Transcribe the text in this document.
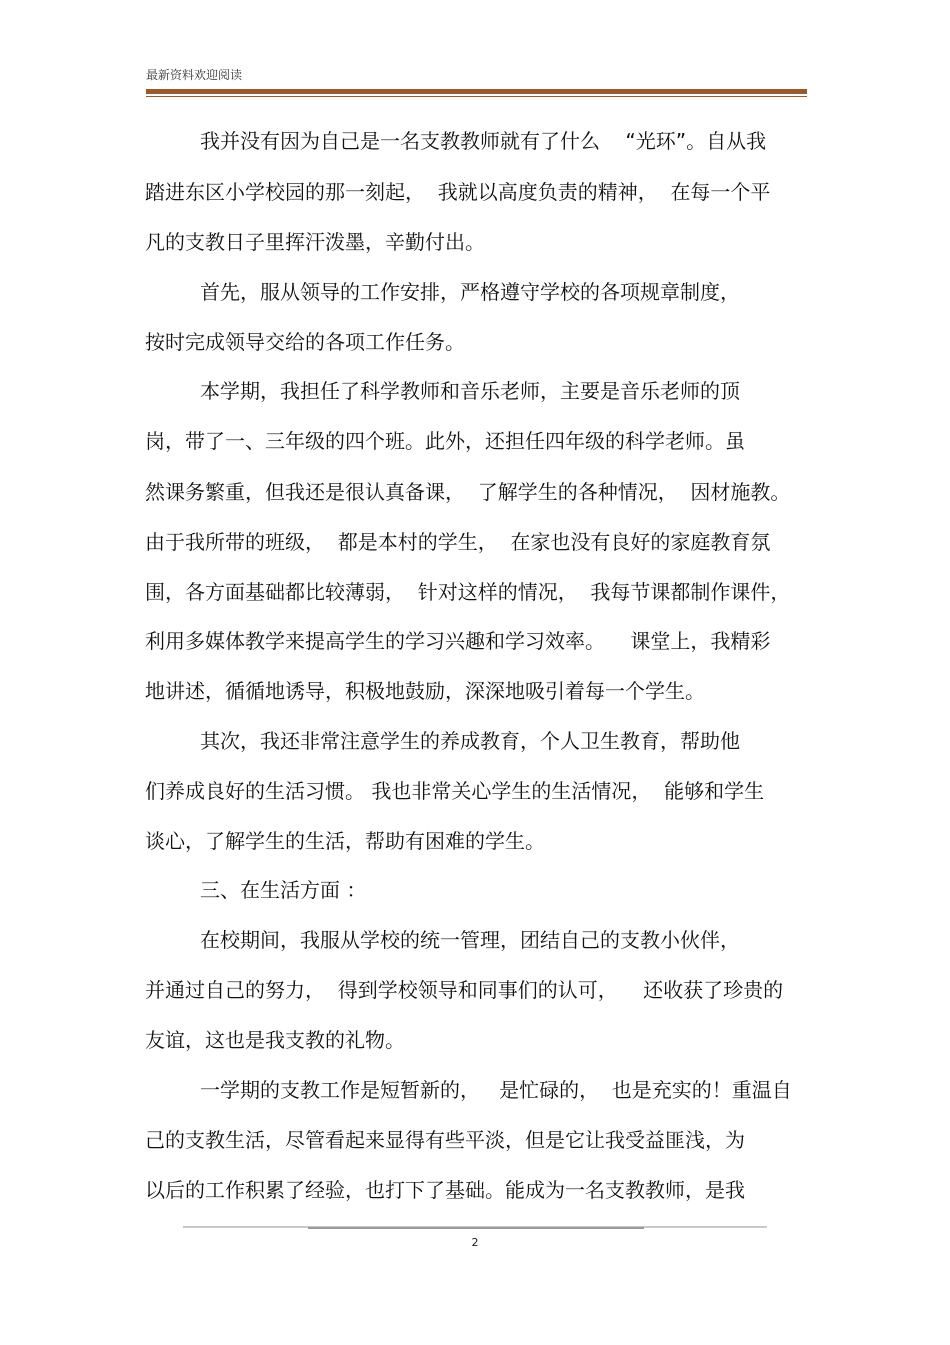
最新资料欢迎阅读
我并没有因为自己是一名支教教师就有了什么    “光环”。自从我
踏进东区小学校园的那一刻起，  我就以高度负责的精神，  在每一个平
凡的支教日子里挥汗泼墨，辛勤付出。
首先，服从领导的工作安排，严格遵守学校的各项规章制度，
按时完成领导交给的各项工作任务。
本学期，我担任了科学教师和音乐老师，主要是音乐老师的顶
岗，带了一、三年级的四个班。此外，还担任四年级的科学老师。虽
然课务繁重，但我还是很认真备课，  了解学生的各种情况，  因材施教。
由于我所带的班级，  都是本村的学生，  在家也没有良好的家庭教育氛
围，各方面基础都比较薄弱，  针对这样的情况，  我每节课都制作课件，
利用多媒体教学来提高学生的学习兴趣和学习效率。    课堂上，我精彩
地讲述，循循地诱导，积极地鼓励，深深地吸引着每一个学生。
其次，我还非常注意学生的养成教育，个人卫生教育，帮助他
们养成良好的生活习惯。 我也非常关心学生的生活情况，  能够和学生
谈心，了解学生的生活，帮助有困难的学生。
三、在生活方面 ：
在校期间，我服从学校的统一管理，团结自己的支教小伙伴，
并通过自己的努力，  得到学校领导和同事们的认可，    还收获了珍贵的
友谊，这也是我支教的礼物。
一学期的支教工作是短暂新的，   是忙碌的，  也是充实的！重温自
己的支教生活，尽管看起来显得有些平淡，但是它让我受益匪浅，为
以后的工作积累了经验，也打下了基础。能成为一名支教教师，是我
2
